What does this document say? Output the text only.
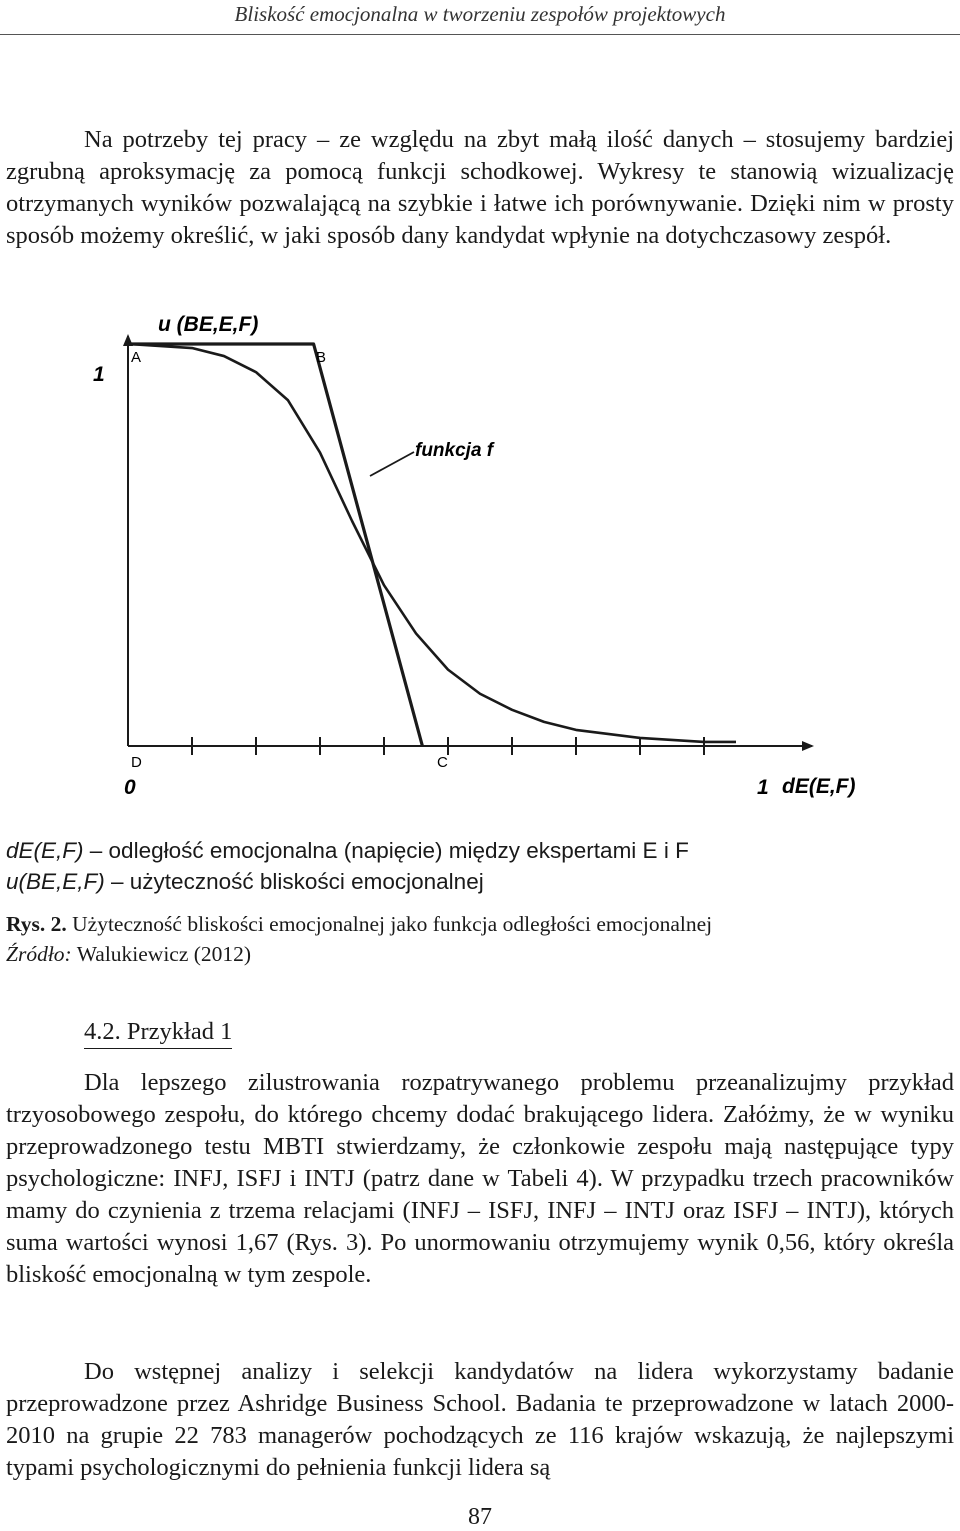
Bliskość emocjonalna w tworzeniu zespołów projektowych

Na potrzeby tej pracy – ze względu na zbyt małą ilość danych – stosujemy bardziej zgrubną aproksymację za pomocą funkcji schodkowej. Wykresy te stanowią wizualizację otrzymanych wyników pozwalającą na szybkie i łatwe ich porównywanie. Dzięki nim w prosty sposób możemy określić, w jaki sposób dany kandydat wpłynie na dotychczasowy zespół.

u (BE,E,F)
dE(E,F)
1
0	1
A	B
C
D
funkcja f
dE(E,F) – odległość emocjonalna (napięcie) między ekspertami E i F
u(BE,E,F) – użyteczność bliskości emocjonalnej
Rys. 2. Użyteczność bliskości emocjonalnej jako funkcja odległości emocjonalnej
Źródło: Walukiewicz (2012)
4.2. Przykład 1

Dla lepszego zilustrowania rozpatrywanego problemu przeanalizujmy przykład trzyosobowego zespołu, do którego chcemy dodać brakującego lidera. Załóżmy, że w wyniku przeprowadzonego testu MBTI stwierdzamy, że członkowie zespołu mają następujące typy psychologiczne: INFJ, ISFJ i INTJ (patrz dane w Tabeli 4). W przypadku trzech pracowników mamy do czynienia z trzema relacjami (INFJ – ISFJ, INFJ – INTJ oraz ISFJ – INTJ), których suma wartości wynosi 1,67 (Rys. 3). Po unormowaniu otrzymujemy wynik 0,56, który określa bliskość emocjonalną w tym zespole.

Do wstępnej analizy i selekcji kandydatów na lidera wykorzystamy badanie przeprowadzone przez Ashridge Business School. Badania te przeprowadzone w latach 2000-2010 na grupie 22 783 managerów pochodzących ze 116 krajów wskazują, że najlepszymi typami psychologicznymi do pełnienia funkcji lidera są

87
